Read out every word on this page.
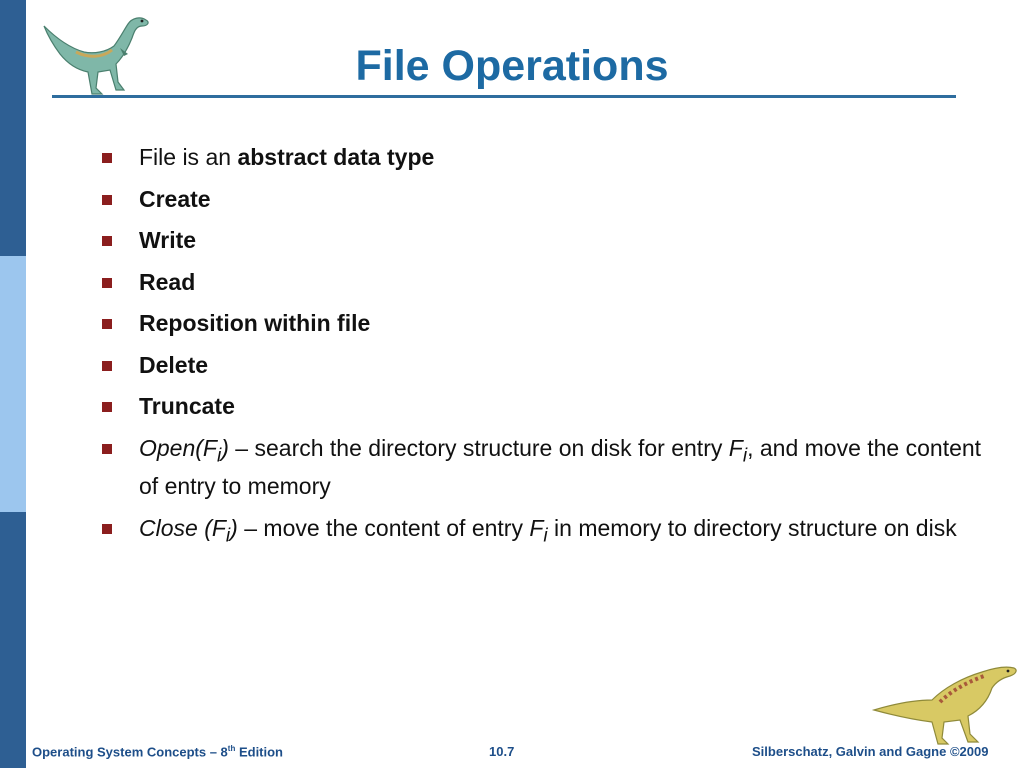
File Operations
File is an abstract data type
Create
Write
Read
Reposition within file
Delete
Truncate
$Open(F_i)$ – search the directory structure on disk for entry $F_i$, and move the content of entry to memory
Close $(F_i)$ – move the content of entry $F_i$ in memory to directory structure on disk
Operating System Concepts – 8th Edition	10.7	Silberschatz, Galvin and Gagne ©2009
